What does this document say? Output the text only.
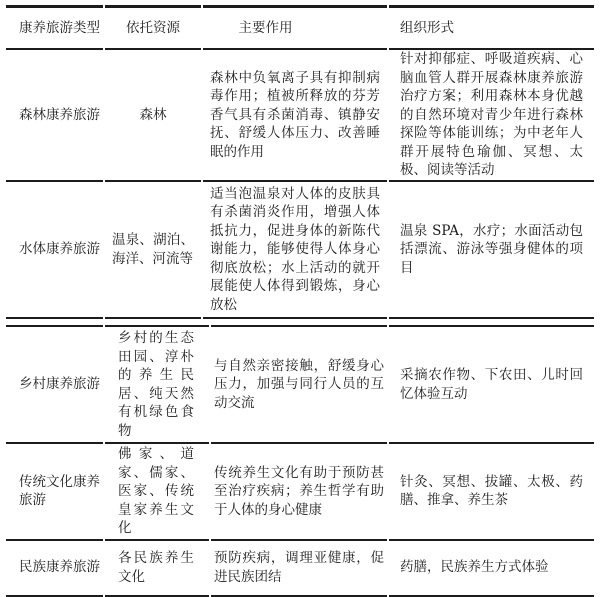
康养旅游类型	依托资源	主要作用	组织形式
森林康养旅游	森林	森林中负氧离子具有抑制病毒作用；植被所释放的芬芳香气具有杀菌消毒、镇静安抚、舒缓人体压力、改善睡眠的作用	针对抑郁症、呼吸道疾病、心脑血管人群开展森林康养旅游治疗方案；利用森林本身优越的自然环境对青少年进行森林探险等体能训练；为中老年人群开展特色瑜伽、冥想、太极、阅读等活动
水体康养旅游	温泉、湖泊、海洋、河流等	适当泡温泉对人体的皮肤具有杀菌消炎作用，增强人体抵抗力，促进身体的新陈代谢能力，能够使得人体身心彻底放松；水上活动的就开展能使人体得到锻炼，身心放松	温泉 SPA，水疗；水面活动包括漂流、游泳等强身健体的项目
乡村康养旅游	乡村的生态田园、淳朴的养生民居、纯天然有机绿色食物	与自然亲密接触，舒缓身心压力，加强与同行人员的互动交流	采摘农作物、下农田、儿时回忆体验互动
传统文化康养旅游	佛家、道家、儒家、医家、传统皇家养生文化	传统养生文化有助于预防甚至治疗疾病；养生哲学有助于人体的身心健康	针灸、冥想、拔罐、太极、药膳、推拿、养生茶
民族康养旅游	各民族养生文化	预防疾病，调理亚健康，促进民族团结	药膳，民族养生方式体验
